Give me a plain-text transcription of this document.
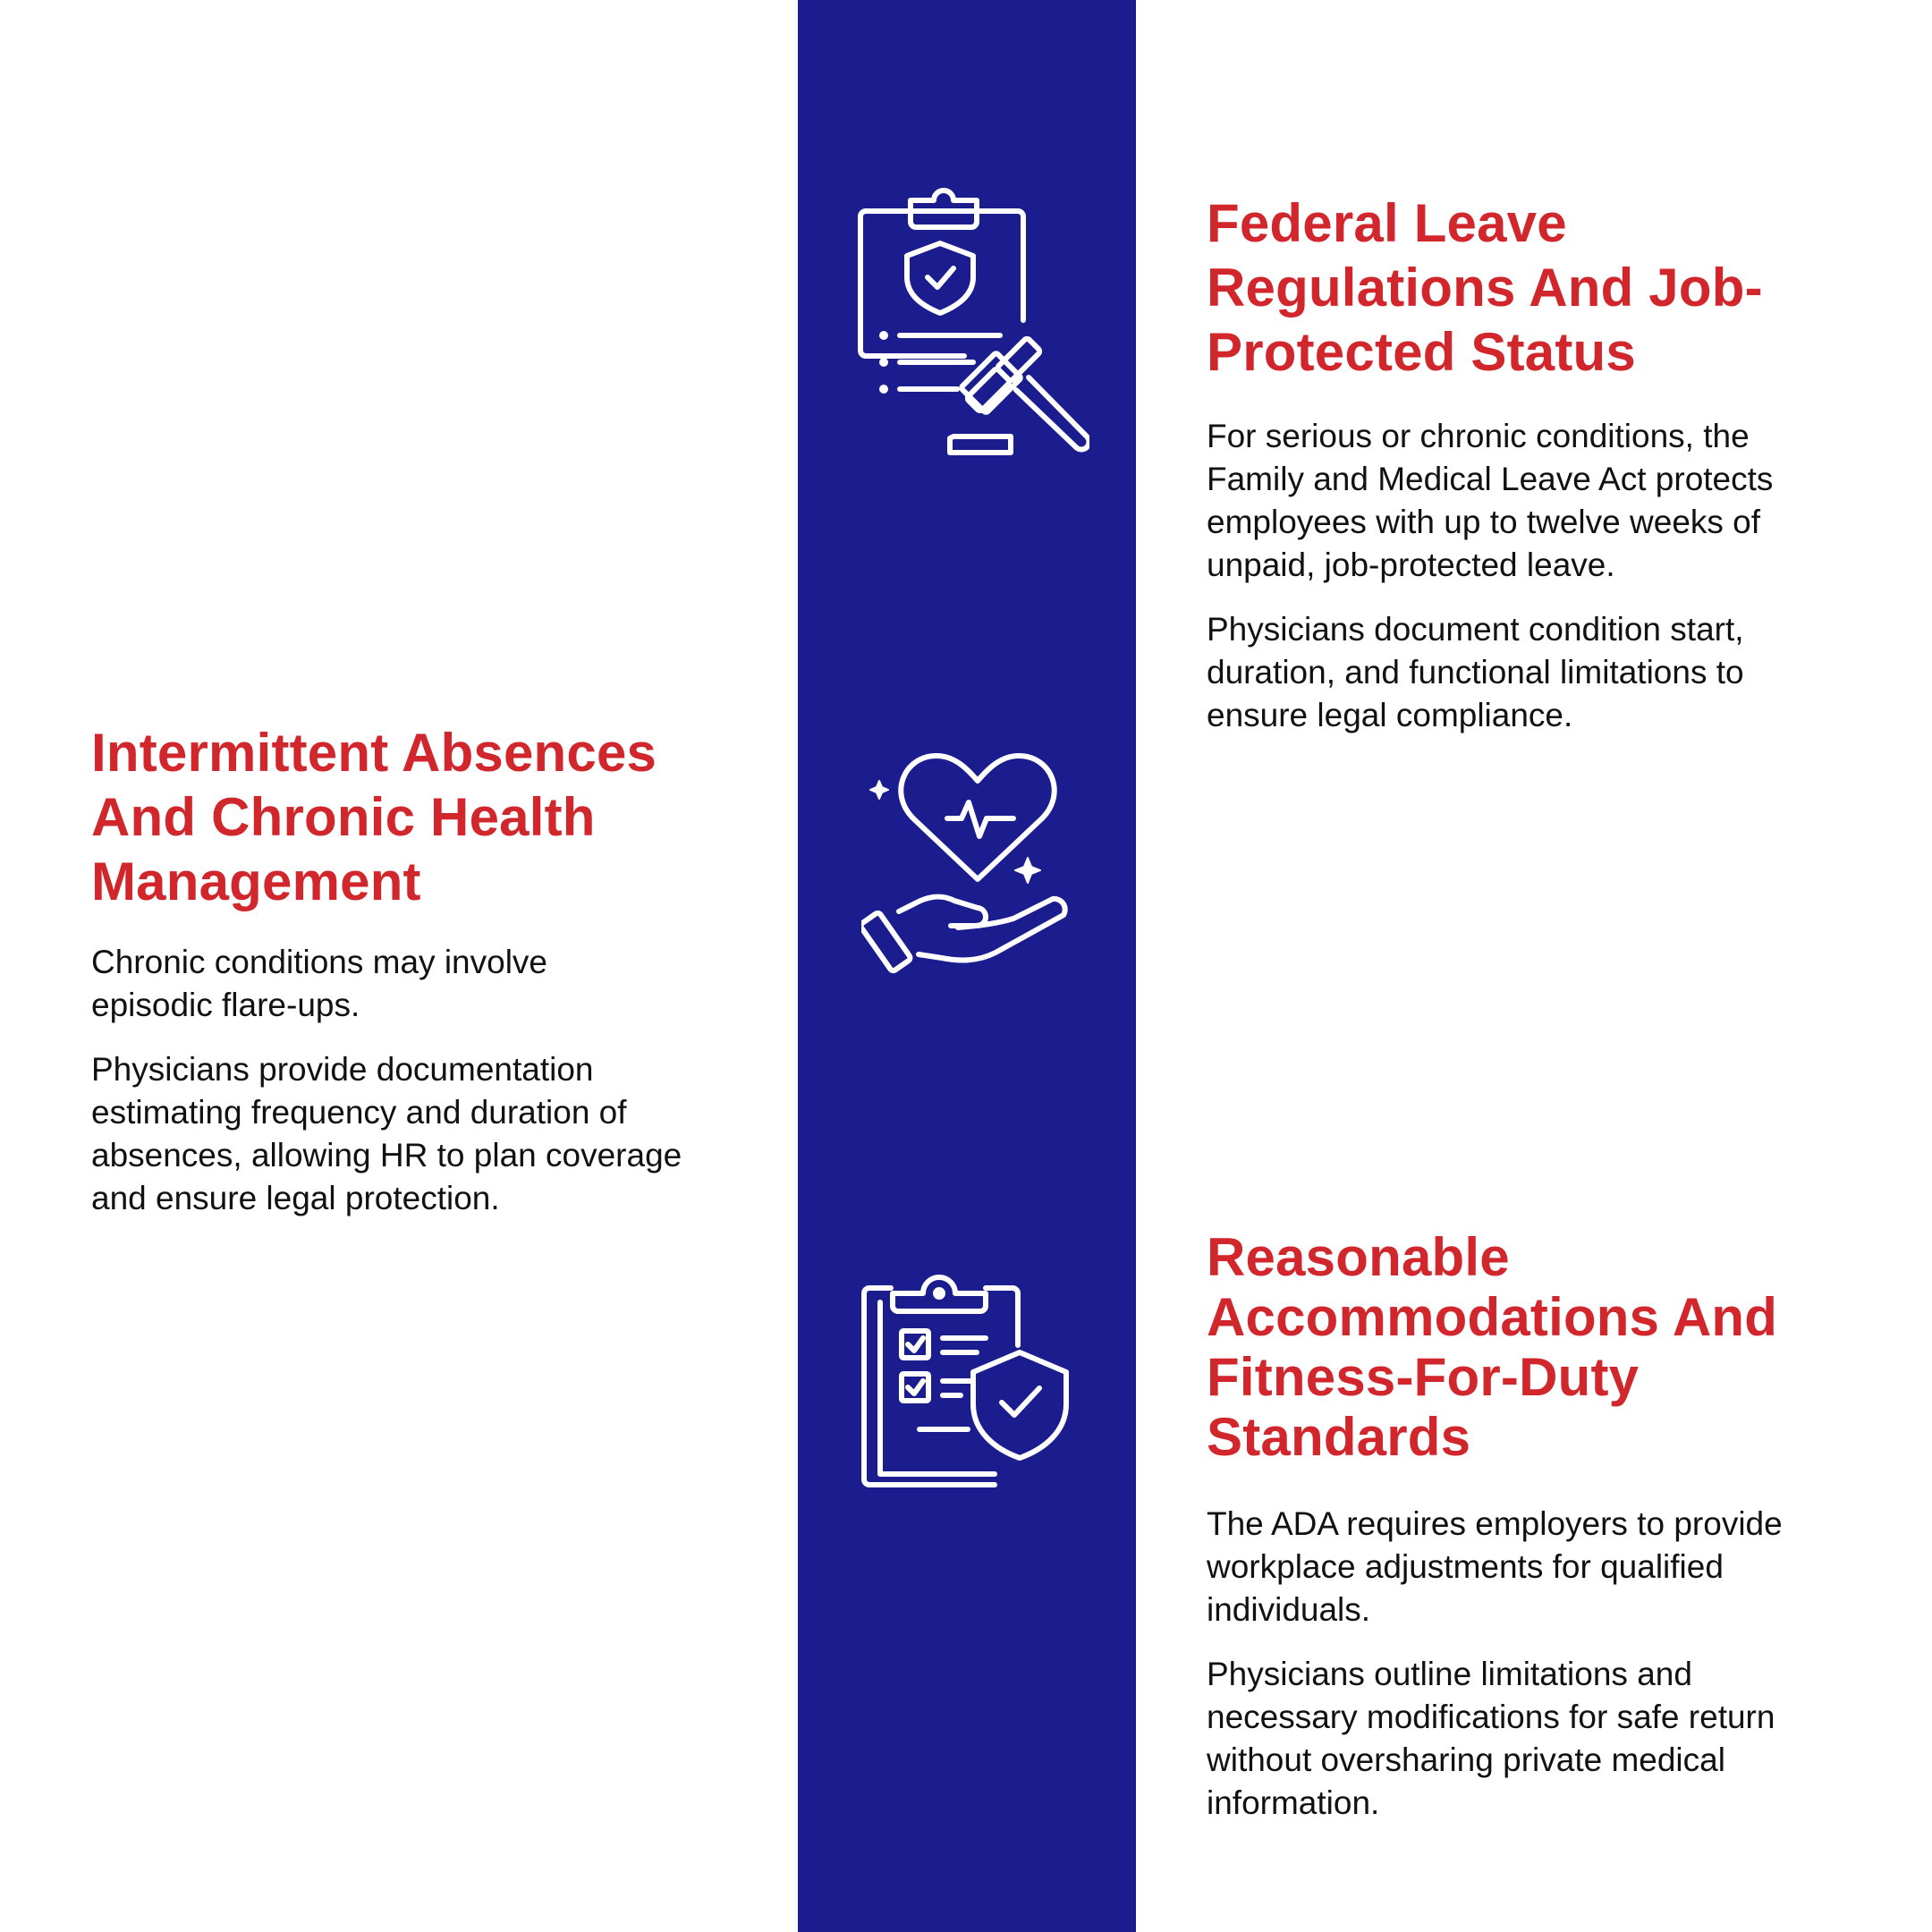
Federal Leave Regulations And Job-Protected Status

For serious or chronic conditions, the Family and Medical Leave Act protects employees with up to twelve weeks of unpaid, job-protected leave.

Physicians document condition start, duration, and functional limitations to ensure legal compliance.

Intermittent Absences And Chronic Health Management

Chronic conditions may involve episodic flare-ups.

Physicians provide documentation estimating frequency and duration of absences, allowing HR to plan coverage and ensure legal protection.

Reasonable Accommodations And Fitness-For-Duty Standards

The ADA requires employers to provide workplace adjustments for qualified individuals.

Physicians outline limitations and necessary modifications for safe return without oversharing private medical information.
